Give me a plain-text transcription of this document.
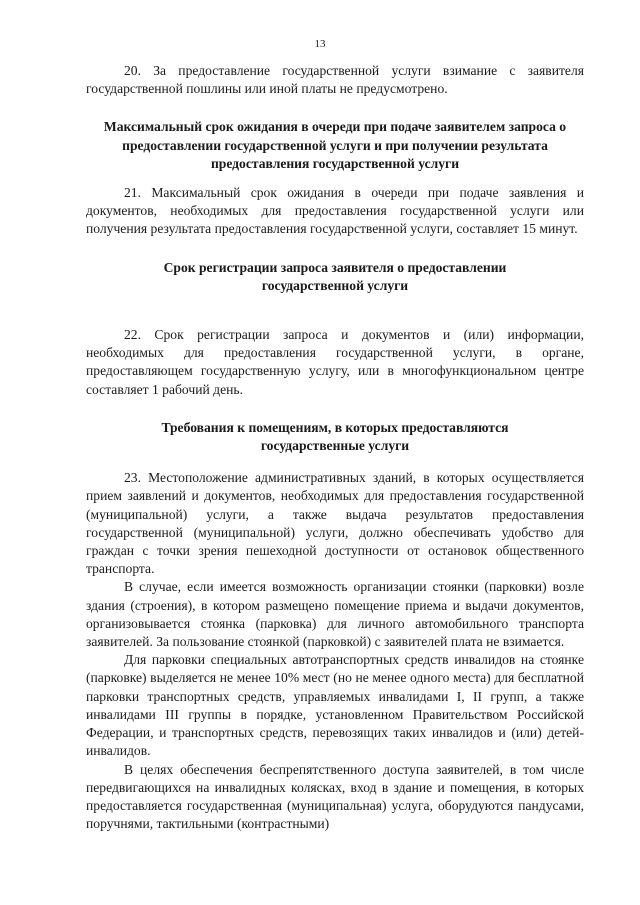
13

20. За предоставление государственной услуги взимание с заявителя государственной пошлины или иной платы не предусмотрено.

Максимальный срок ожидания в очереди при подаче заявителем запроса о предоставлении государственной услуги и при получении результата предоставления государственной услуги

21. Максимальный срок ожидания в очереди при подаче заявления и документов, необходимых для предоставления государственной услуги или получения результата предоставления государственной услуги, составляет 15 минут.

Срок регистрации запроса заявителя о предоставлении государственной услуги

22. Срок регистрации запроса и документов и (или) информации, необходимых для предоставления государственной услуги, в органе, предоставляющем государственную услугу, или в многофункциональном центре составляет 1 рабочий день.

Требования к помещениям, в которых предоставляются государственные услуги

23. Местоположение административных зданий, в которых осуществляется прием заявлений и документов, необходимых для предоставления государственной (муниципальной) услуги, а также выдача результатов предоставления государственной (муниципальной) услуги, должно обеспечивать удобство для граждан с точки зрения пешеходной доступности от остановок общественного транспорта.

В случае, если имеется возможность организации стоянки (парковки) возле здания (строения), в котором размещено помещение приема и выдачи документов, организовывается стоянка (парковка) для личного автомобильного транспорта заявителей. За пользование стоянкой (парковкой) с заявителей плата не взимается.

Для парковки специальных автотранспортных средств инвалидов на стоянке (парковке) выделяется не менее 10% мест (но не менее одного места) для бесплатной парковки транспортных средств, управляемых инвалидами I, II групп, а также инвалидами III группы в порядке, установленном Правительством Российской Федерации, и транспортных средств, перевозящих таких инвалидов и (или) детей-инвалидов.

В целях обеспечения беспрепятственного доступа заявителей, в том числе передвигающихся на инвалидных колясках, вход в здание и помещения, в которых предоставляется государственная (муниципальная) услуга, оборудуются пандусами, поручнями, тактильными (контрастными)
